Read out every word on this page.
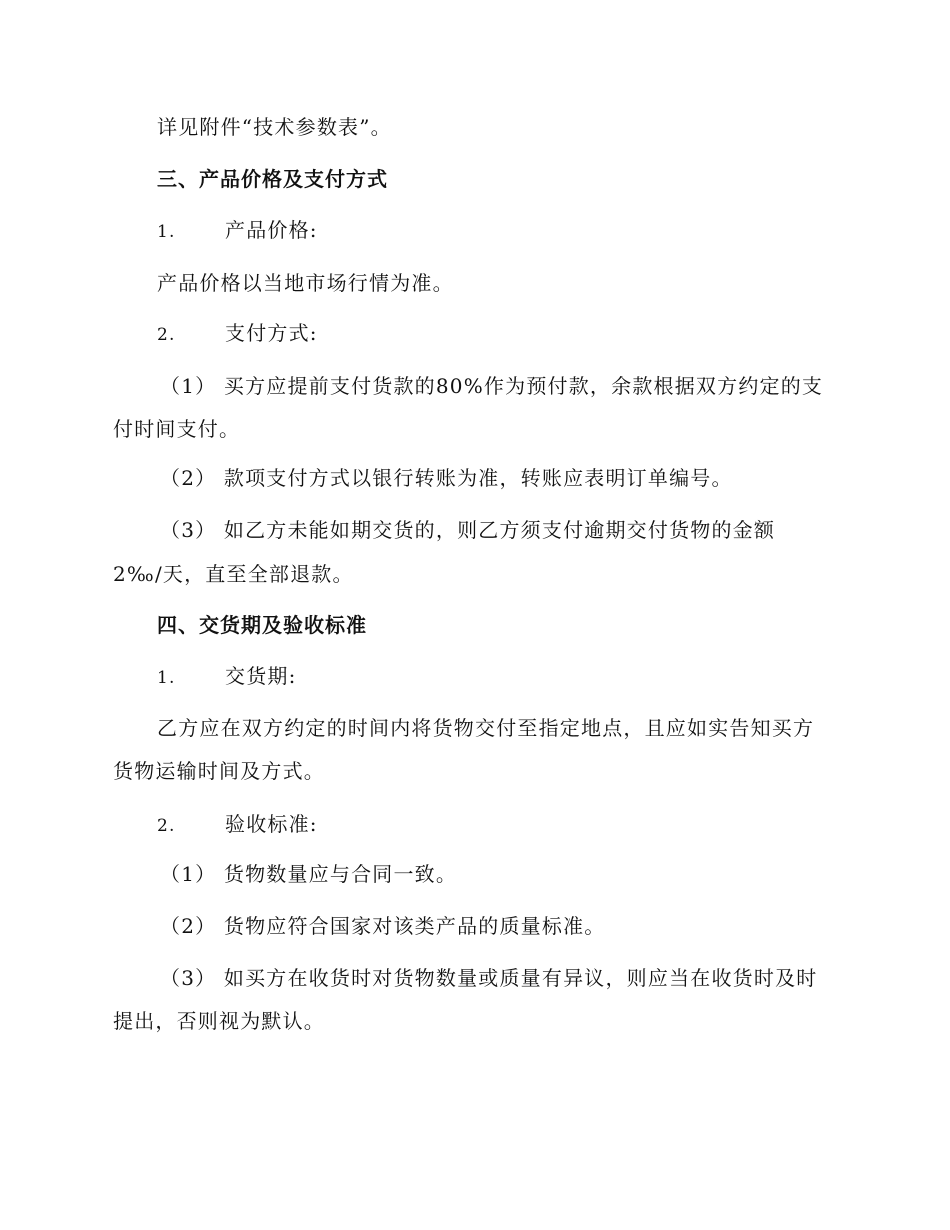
详见附件“技术参数表”。
三、产品价格及支付方式
1. 产品价格:
产品价格以当地市场行情为准。
2. 支付方式:
（1） 买方应提前支付货款的80%作为预付款，余款根据双方约定的支
付时间支付。
（2） 款项支付方式以银行转账为准，转账应表明订单编号。
（3） 如乙方未能如期交货的，则乙方须支付逾期交付货物的金额
2‰/天，直至全部退款。
四、交货期及验收标准
1. 交货期:
乙方应在双方约定的时间内将货物交付至指定地点，且应如实告知买方
货物运输时间及方式。
2. 验收标准:
（1） 货物数量应与合同一致。
（2） 货物应符合国家对该类产品的质量标准。
（3） 如买方在收货时对货物数量或质量有异议，则应当在收货时及时
提出，否则视为默认。
